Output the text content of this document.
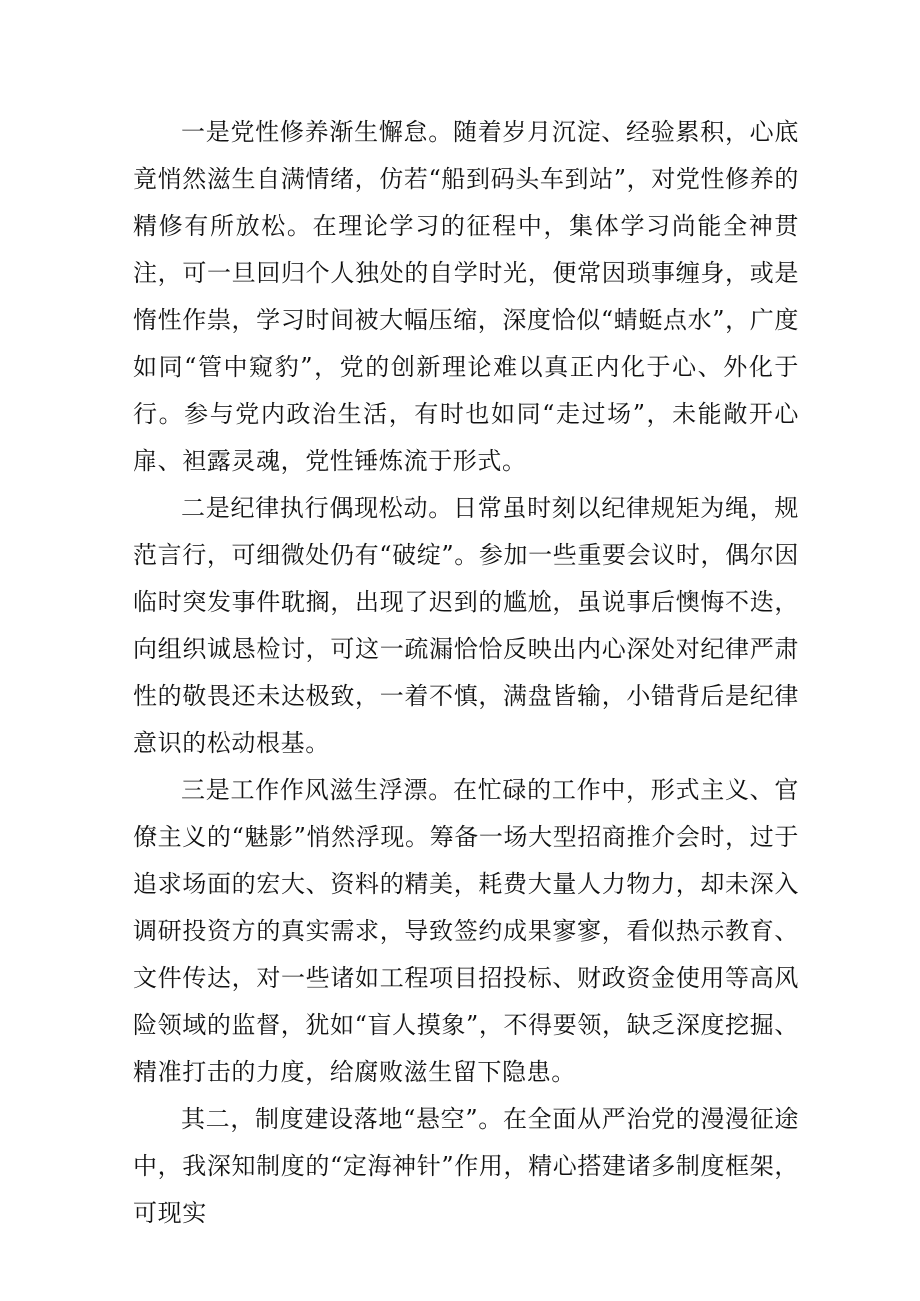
一是党性修养渐生懈怠。随着岁月沉淀、经验累积，心底竟悄然滋生自满情绪，仿若“船到码头车到站”，对党性修养的精修有所放松。在理论学习的征程中，集体学习尚能全神贯注，可一旦回归个人独处的自学时光，便常因琐事缠身，或是惰性作祟，学习时间被大幅压缩，深度恰似“蜻蜓点水”，广度如同“管中窥豹”，党的创新理论难以真正内化于心、外化于行。参与党内政治生活，有时也如同“走过场”，未能敞开心扉、袒露灵魂，党性锤炼流于形式。

二是纪律执行偶现松动。日常虽时刻以纪律规矩为绳，规范言行，可细微处仍有“破绽”。参加一些重要会议时，偶尔因临时突发事件耽搁，出现了迟到的尴尬，虽说事后懊悔不迭，向组织诚恳检讨，可这一疏漏恰恰反映出内心深处对纪律严肃性的敬畏还未达极致，一着不慎，满盘皆输，小错背后是纪律意识的松动根基。

三是工作作风滋生浮漂。在忙碌的工作中，形式主义、官僚主义的“魅影”悄然浮现。筹备一场大型招商推介会时，过于追求场面的宏大、资料的精美，耗费大量人力物力，却未深入调研投资方的真实需求，导致签约成果寥寥，看似热示教育、文件传达，对一些诸如工程项目招投标、财政资金使用等高风险领域的监督，犹如“盲人摸象”，不得要领，缺乏深度挖掘、精准打击的力度，给腐败滋生留下隐患。

其二，制度建设落地“悬空”。在全面从严治党的漫漫征途中，我深知制度的“定海神针”作用，精心搭建诸多制度框架，可现实
